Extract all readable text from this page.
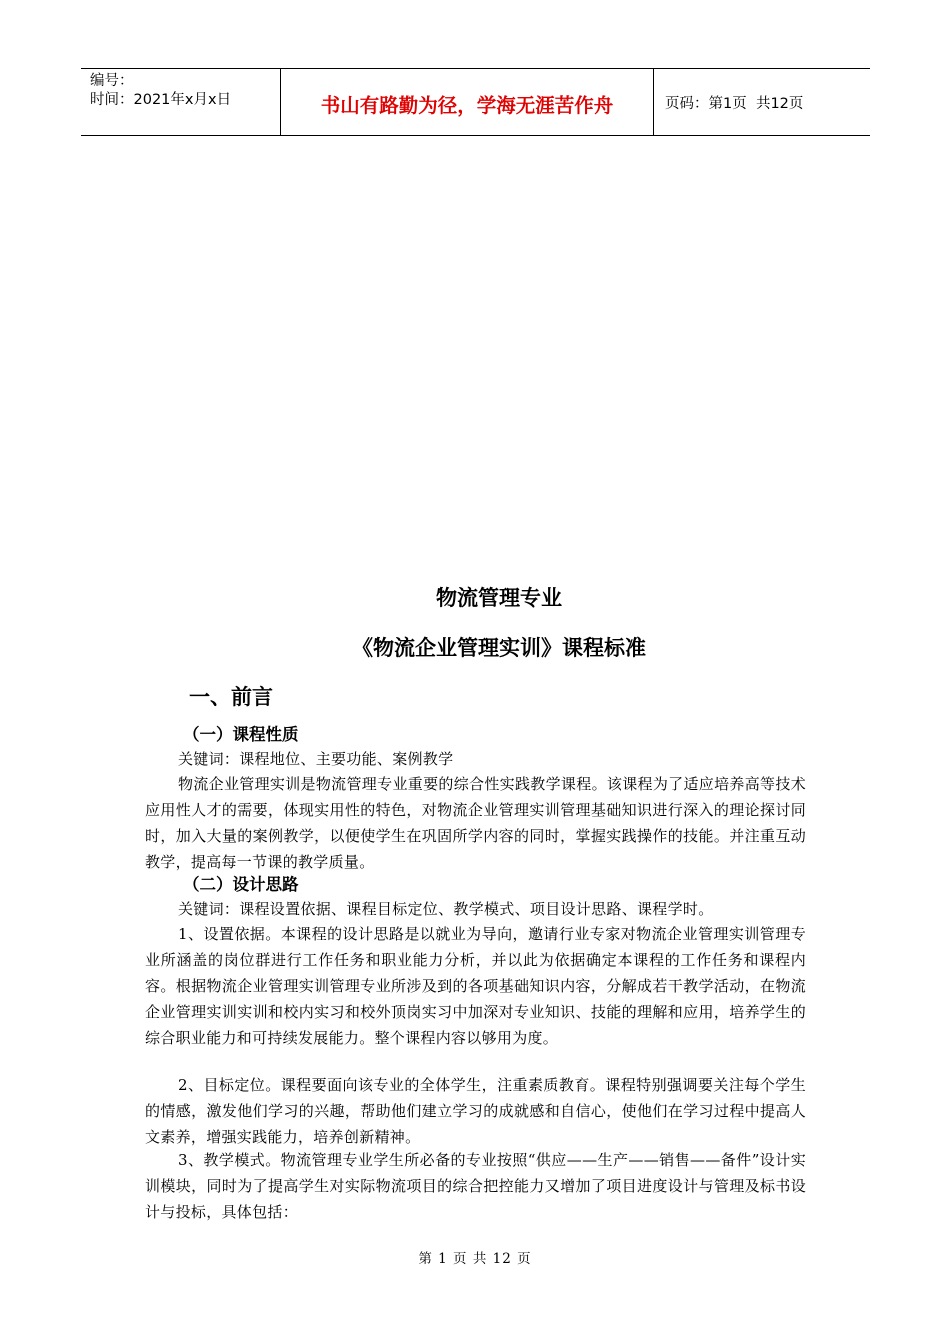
编号：
时间：2021年x月x日	书山有路勤为径，学海无涯苦作舟	页码：第1页  共12页
物流管理专业
《物流企业管理实训》课程标准
一、前言
（一）课程性质
关键词：课程地位、主要功能、案例教学
物流企业管理实训是物流管理专业重要的综合性实践教学课程。该课程为了适应培养高等技术应用性人才的需要，体现实用性的特色，对物流企业管理实训管理基础知识进行深入的理论探讨同时，加入大量的案例教学，以便使学生在巩固所学内容的同时，掌握实践操作的技能。并注重互动教学，提高每一节课的教学质量。
（二）设计思路
关键词：课程设置依据、课程目标定位、教学模式、项目设计思路、课程学时。
1、设置依据。本课程的设计思路是以就业为导向，邀请行业专家对物流企业管理实训管理专业所涵盖的岗位群进行工作任务和职业能力分析，并以此为依据确定本课程的工作任务和课程内容。根据物流企业管理实训管理专业所涉及到的各项基础知识内容，分解成若干教学活动，在物流企业管理实训实训和校内实习和校外顶岗实习中加深对专业知识、技能的理解和应用，培养学生的综合职业能力和可持续发展能力。整个课程内容以够用为度。
2、目标定位。课程要面向该专业的全体学生，注重素质教育。课程特别强调要关注每个学生的情感，激发他们学习的兴趣，帮助他们建立学习的成就感和自信心，使他们在学习过程中提高人文素养，增强实践能力，培养创新精神。
3、教学模式。物流管理专业学生所必备的专业按照“供应——生产——销售——备件”设计实训模块，同时为了提高学生对实际物流项目的综合把控能力又增加了项目进度设计与管理及标书设计与投标，具体包括：
第 1 页 共 12 页
